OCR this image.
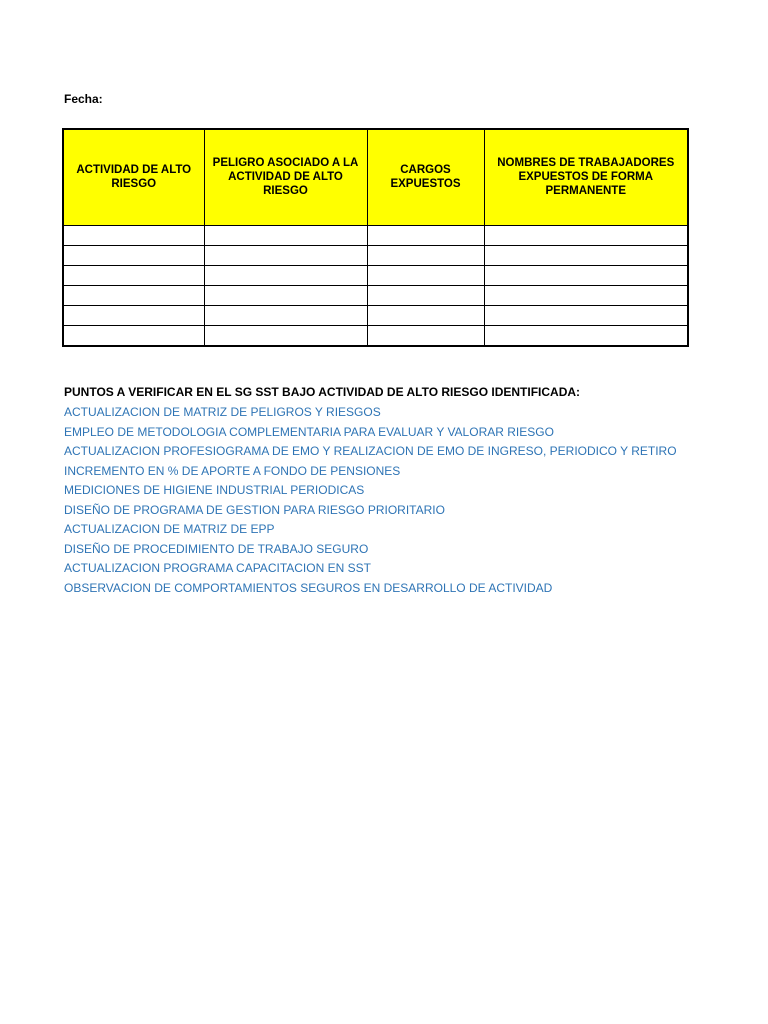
Fecha:
ACTIVIDAD DE ALTO RIESGO	PELIGRO ASOCIADO A LA ACTIVIDAD DE ALTO RIESGO	CARGOS EXPUESTOS	NOMBRES DE TRABAJADORES EXPUESTOS DE FORMA PERMANENTE

PUNTOS A VERIFICAR EN EL SG SST BAJO ACTIVIDAD DE ALTO RIESGO IDENTIFICADA:
ACTUALIZACION DE MATRIZ DE PELIGROS Y RIESGOS
EMPLEO DE METODOLOGIA COMPLEMENTARIA PARA EVALUAR Y VALORAR RIESGO
ACTUALIZACION PROFESIOGRAMA DE EMO Y REALIZACION DE EMO DE INGRESO, PERIODICO Y RETIRO
INCREMENTO EN % DE APORTE A FONDO DE PENSIONES
MEDICIONES DE HIGIENE INDUSTRIAL PERIODICAS
DISEÑO DE PROGRAMA DE GESTION PARA RIESGO PRIORITARIO
ACTUALIZACION DE MATRIZ DE EPP
DISEÑO DE PROCEDIMIENTO DE TRABAJO SEGURO
ACTUALIZACION PROGRAMA CAPACITACION EN SST
OBSERVACION DE COMPORTAMIENTOS SEGUROS EN DESARROLLO DE ACTIVIDAD
